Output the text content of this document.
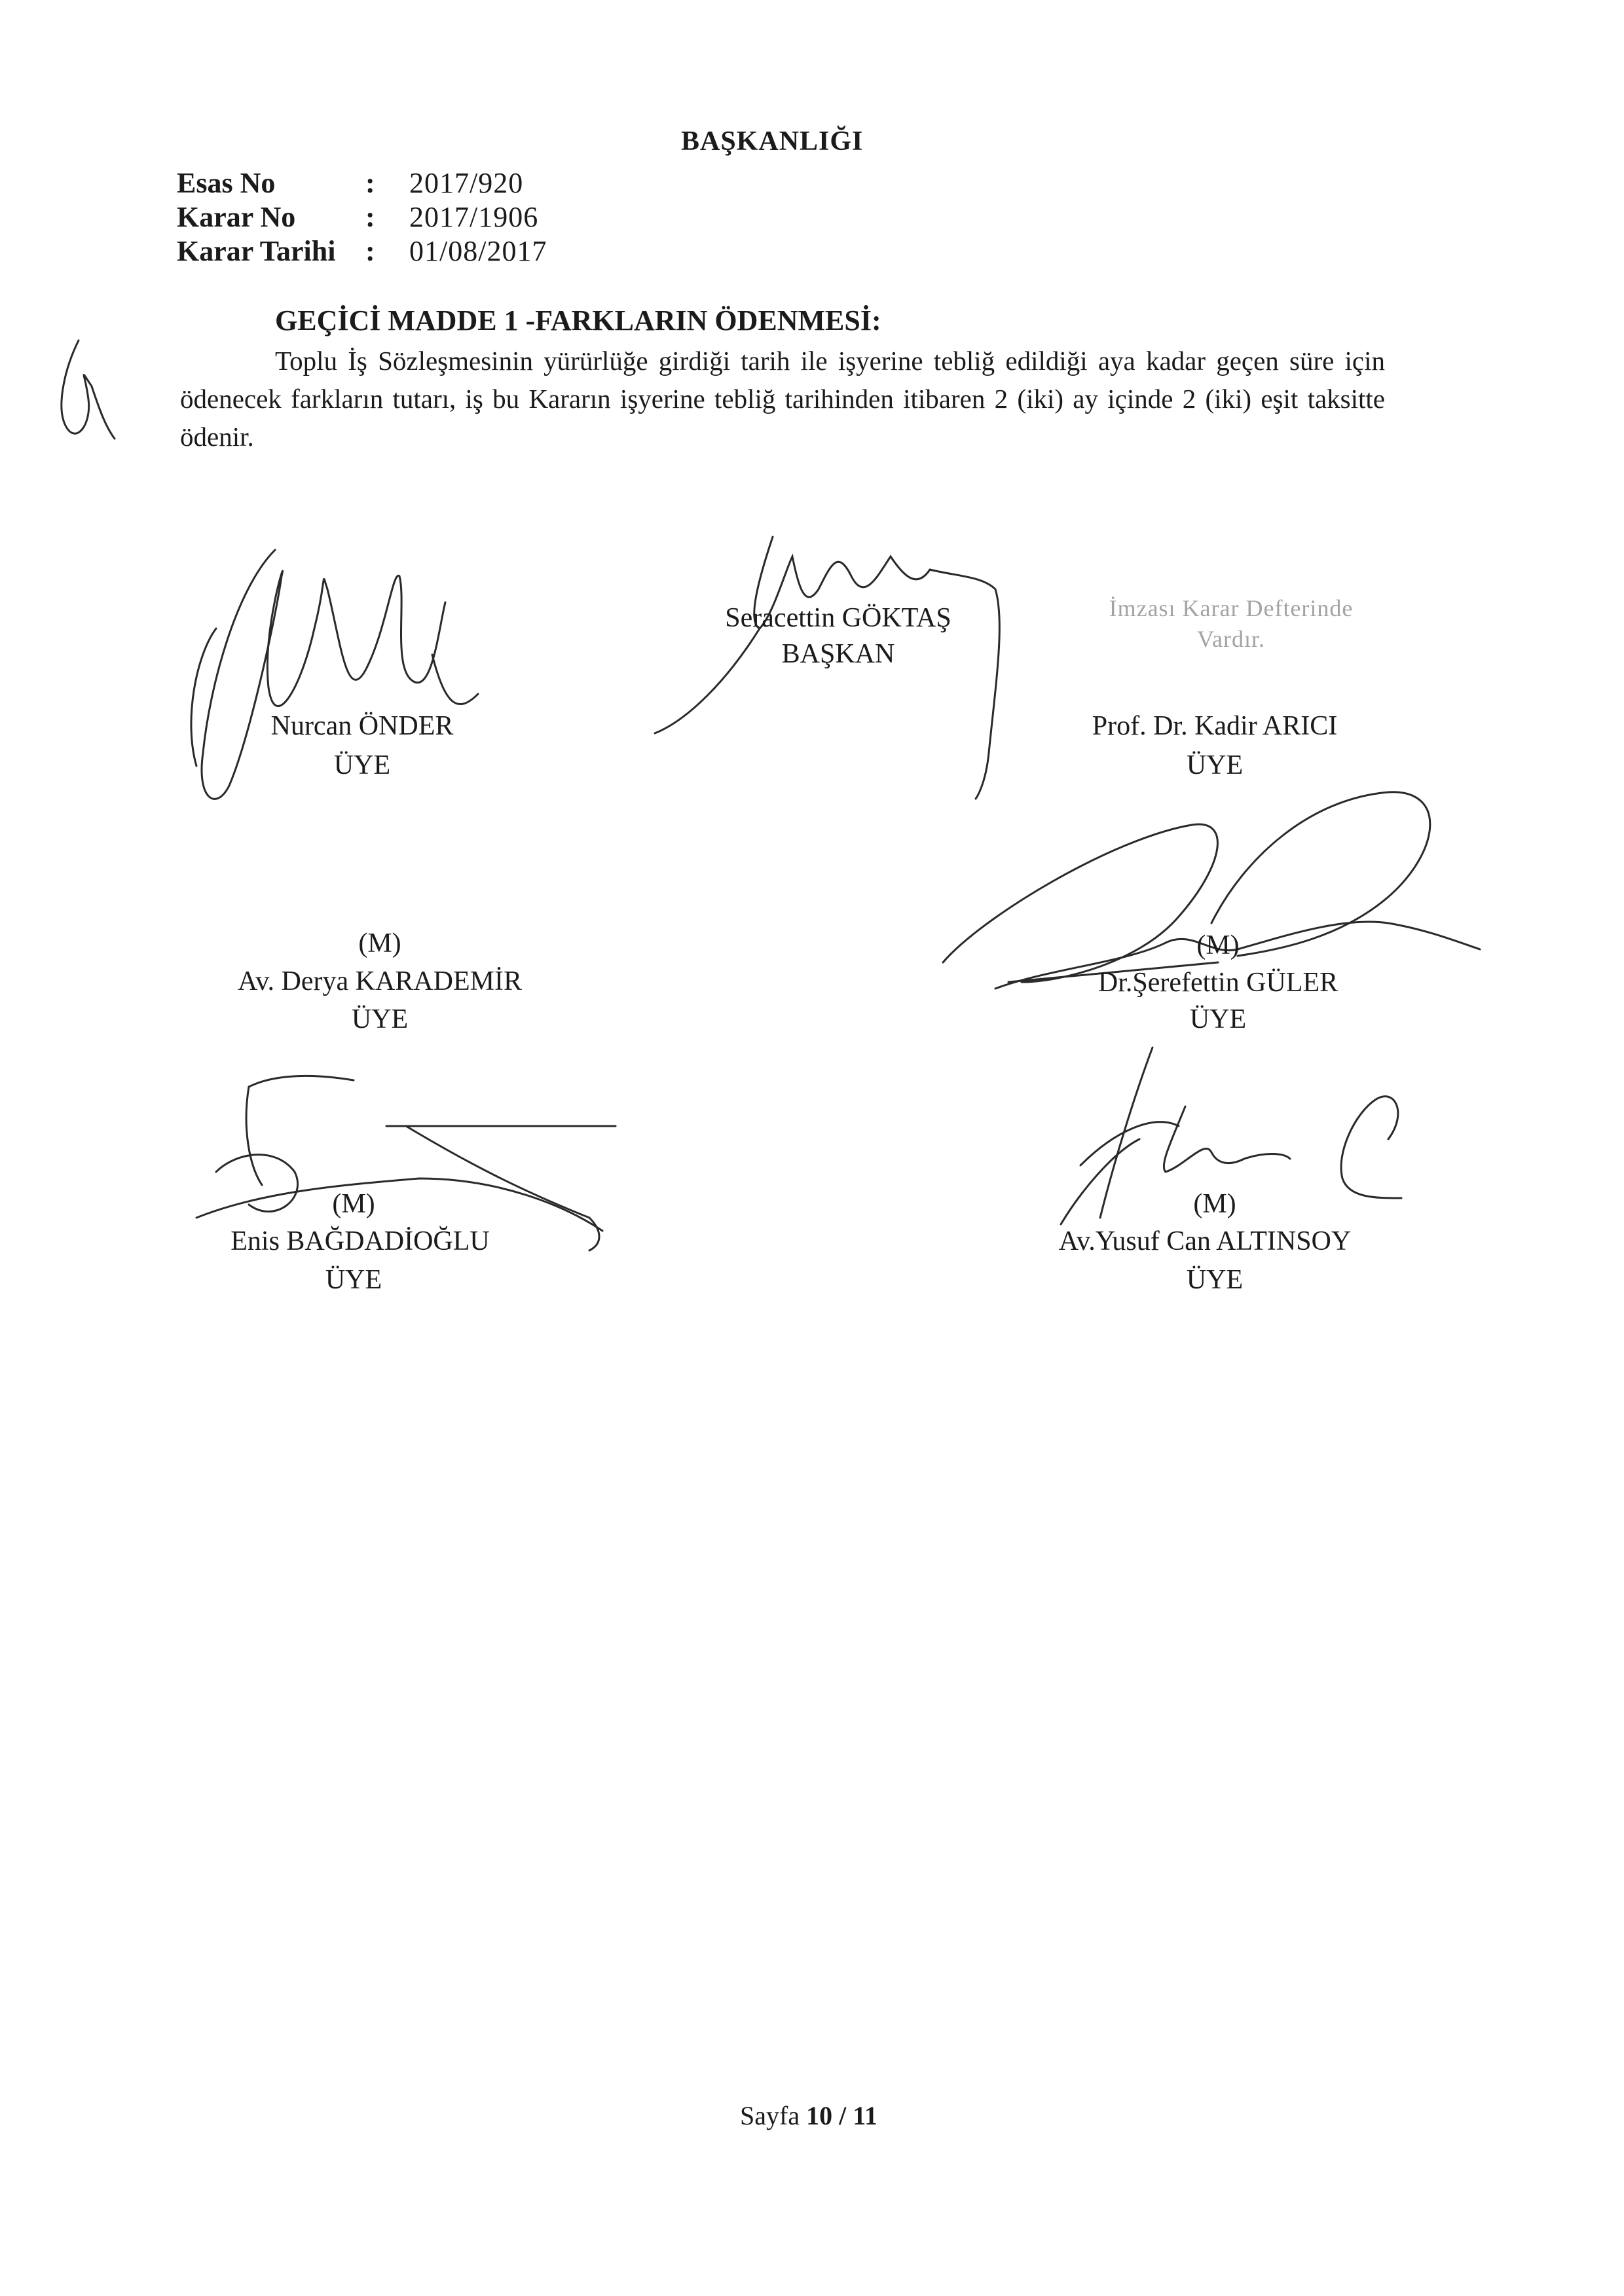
BAŞKANLIĞI
Esas No	: 2017/920
Karar No : 2017/1906
Karar Tarihi : 01/08/2017
GEÇİCİ MADDE 1 -FARKLARIN ÖDENMESİ:
Toplu İş Sözleşmesinin yürürlüğe girdiği tarih ile işyerine tebliğ edildiği aya kadar geçen süre için ödenecek farkların tutarı, iş bu Kararın işyerine tebliğ tarihinden itibaren 2 (iki) ay içinde 2 (iki) eşit taksitte ödenir.
Nurcan ÖNDER
ÜYE
Seracettin GÖKTAŞ
BAŞKAN
İmzası Karar Defterinde
Vardır.
Prof. Dr. Kadir ARICI
ÜYE
(M)
Av. Derya KARADEMİR
ÜYE
(M)
Dr.Şerefettin GÜLER
ÜYE
(M)
Enis BAĞDADİOĞLU
ÜYE
(M)
Av.Yusuf Can ALTINSOY
ÜYE
Sayfa 10 / 11
